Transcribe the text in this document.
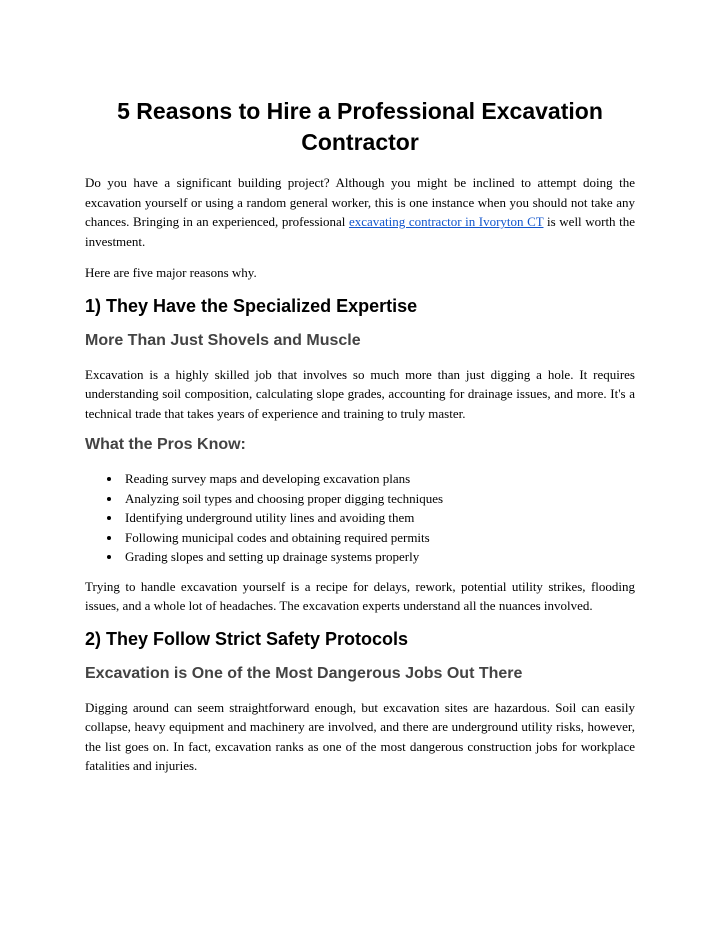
5 Reasons to Hire a Professional Excavation Contractor

Do you have a significant building project? Although you might be inclined to attempt doing the excavation yourself or using a random general worker, this is one instance when you should not take any chances. Bringing in an experienced, professional excavating contractor in Ivoryton CT is well worth the investment.

Here are five major reasons why.

1) They Have the Specialized Expertise
More Than Just Shovels and Muscle

Excavation is a highly skilled job that involves so much more than just digging a hole. It requires understanding soil composition, calculating slope grades, accounting for drainage issues, and more. It's a technical trade that takes years of experience and training to truly master.

What the Pros Know:
• Reading survey maps and developing excavation plans
• Analyzing soil types and choosing proper digging techniques
• Identifying underground utility lines and avoiding them
• Following municipal codes and obtaining required permits
• Grading slopes and setting up drainage systems properly

Trying to handle excavation yourself is a recipe for delays, rework, potential utility strikes, flooding issues, and a whole lot of headaches. The excavation experts understand all the nuances involved.

2) They Follow Strict Safety Protocols
Excavation is One of the Most Dangerous Jobs Out There

Digging around can seem straightforward enough, but excavation sites are hazardous. Soil can easily collapse, heavy equipment and machinery are involved, and there are underground utility risks, however, the list goes on. In fact, excavation ranks as one of the most dangerous construction jobs for workplace fatalities and injuries.
